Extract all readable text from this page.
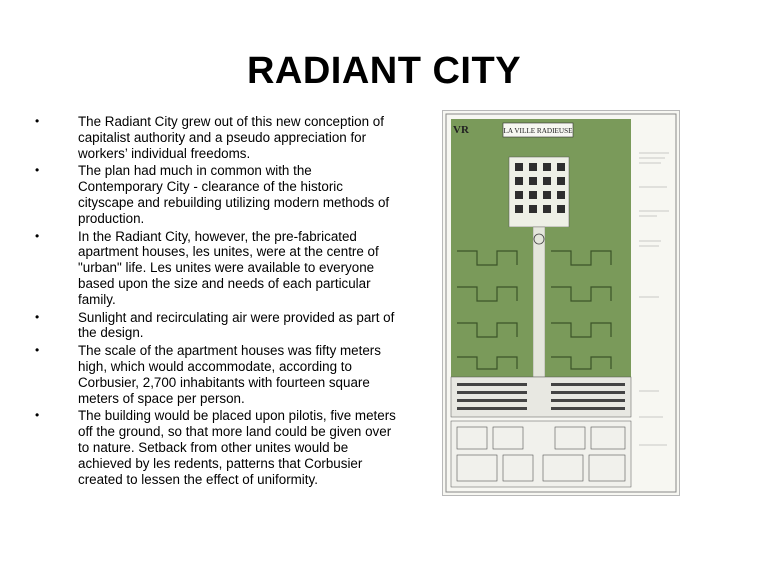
RADIANT CITY
•	The Radiant City grew out of this new conception of capitalist authority and a pseudo appreciation for workers’ individual freedoms.
•	The plan had much in common with the Contemporary City - clearance of the historic cityscape and rebuilding utilizing modern methods of production.
•	In the Radiant City, however, the pre-fabricated apartment houses, les unites, were at the centre of "urban" life. Les unites were available to everyone based upon the size and needs of each particular family.
•	Sunlight and recirculating air were provided as part of the design.
•	The scale of the apartment houses was fifty meters high, which would accommodate, according to Corbusier, 2,700 inhabitants with fourteen square meters of space per person.
•	The building would be placed upon pilotis, five meters off the ground, so that more land could be given over to nature. Setback from other unites would be achieved by les redents, patterns that Corbusier created to lessen the effect of uniformity.
LA VILLE RADIEUSE
VR
